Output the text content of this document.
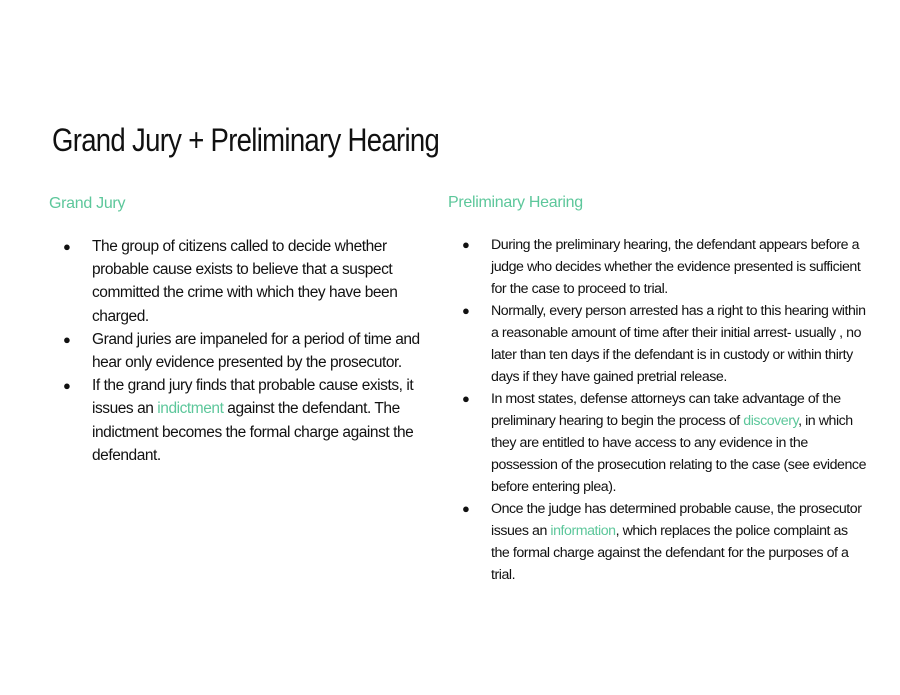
Grand Jury + Preliminary Hearing
Grand Jury
● The group of citizens called to decide whether probable cause exists to believe that a suspect committed the crime with which they have been charged.
● Grand juries are impaneled for a period of time and hear only evidence presented by the prosecutor.
● If the grand jury finds that probable cause exists, it issues an indictment against the defendant. The indictment becomes the formal charge against the defendant.
Preliminary Hearing
● During the preliminary hearing, the defendant appears before a judge who decides whether the evidence presented is sufficient for the case to proceed to trial.
● Normally, every person arrested has a right to this hearing within a reasonable amount of time after their initial arrest- usually , no later than ten days if the defendant is in custody or within thirty days if they have gained pretrial release.
● In most states, defense attorneys can take advantage of the preliminary hearing to begin the process of discovery, in which they are entitled to have access to any evidence in the possession of the prosecution relating to the case (see evidence before entering plea).
● Once the judge has determined probable cause, the prosecutor issues an information, which replaces the police complaint as the formal charge against the defendant for the purposes of a trial.
